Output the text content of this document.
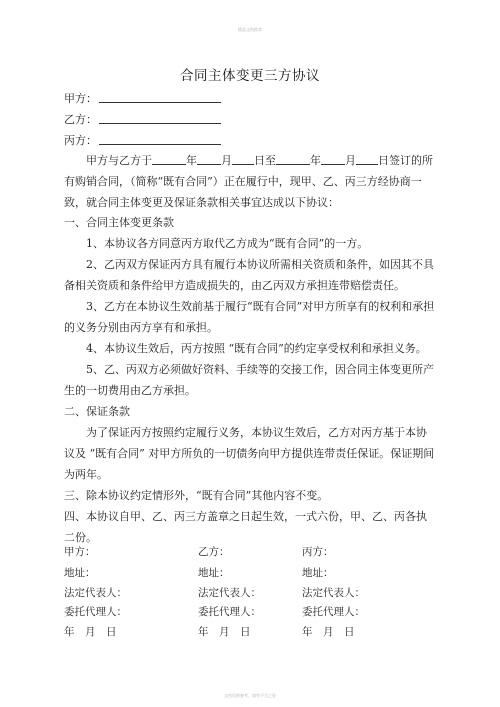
精品文档推荐
合同主体变更三方协议
甲方：
乙方：
丙方：
甲方与乙方于	年 月 日至	年 月 日签订的所有购销合同，（简称“既有合同”）正在履行中，现甲、乙、丙三方经协商一致，就合同主体变更及保证条款相关事宜达成以下协议：
一、合同主体变更条款
1、本协议各方同意丙方取代乙方成为“既有合同”的一方。
2、乙丙双方保证丙方具有履行本协议所需相关资质和条件，如因其不具备相关资质和条件给甲方造成损失的，由乙丙双方承担连带赔偿责任。
3、乙方在本协议生效前基于履行“既有合同”对甲方所享有的权利和承担的义务分别由丙方享有和承担。
4、本协议生效后，丙方按照 “既有合同”的约定享受权利和承担义务。
5、乙、丙双方必须做好资料、手续等的交接工作，因合同主体变更所产生的一切费用由乙方承担。
二、保证条款
为了保证丙方按照约定履行义务，本协议生效后，乙方对丙方基于本协议及 “既有合同” 对甲方所负的一切债务向甲方提供连带责任保证。保证期间为两年。
三、除本协议约定情形外，“既有合同”其他内容不变。
四、本协议自甲、乙、丙三方盖章之日起生效，一式六份，甲、乙、丙各执二份。
甲方：	乙方：	丙方：
地址：	地址：	地址：
法定代表人：	法定代表人：	法定代表人：
委托代理人：	委托代理人：	委托代理人：
年　月　日	年　月　日	年　月　日
文档仅供参考，如有不当之处
